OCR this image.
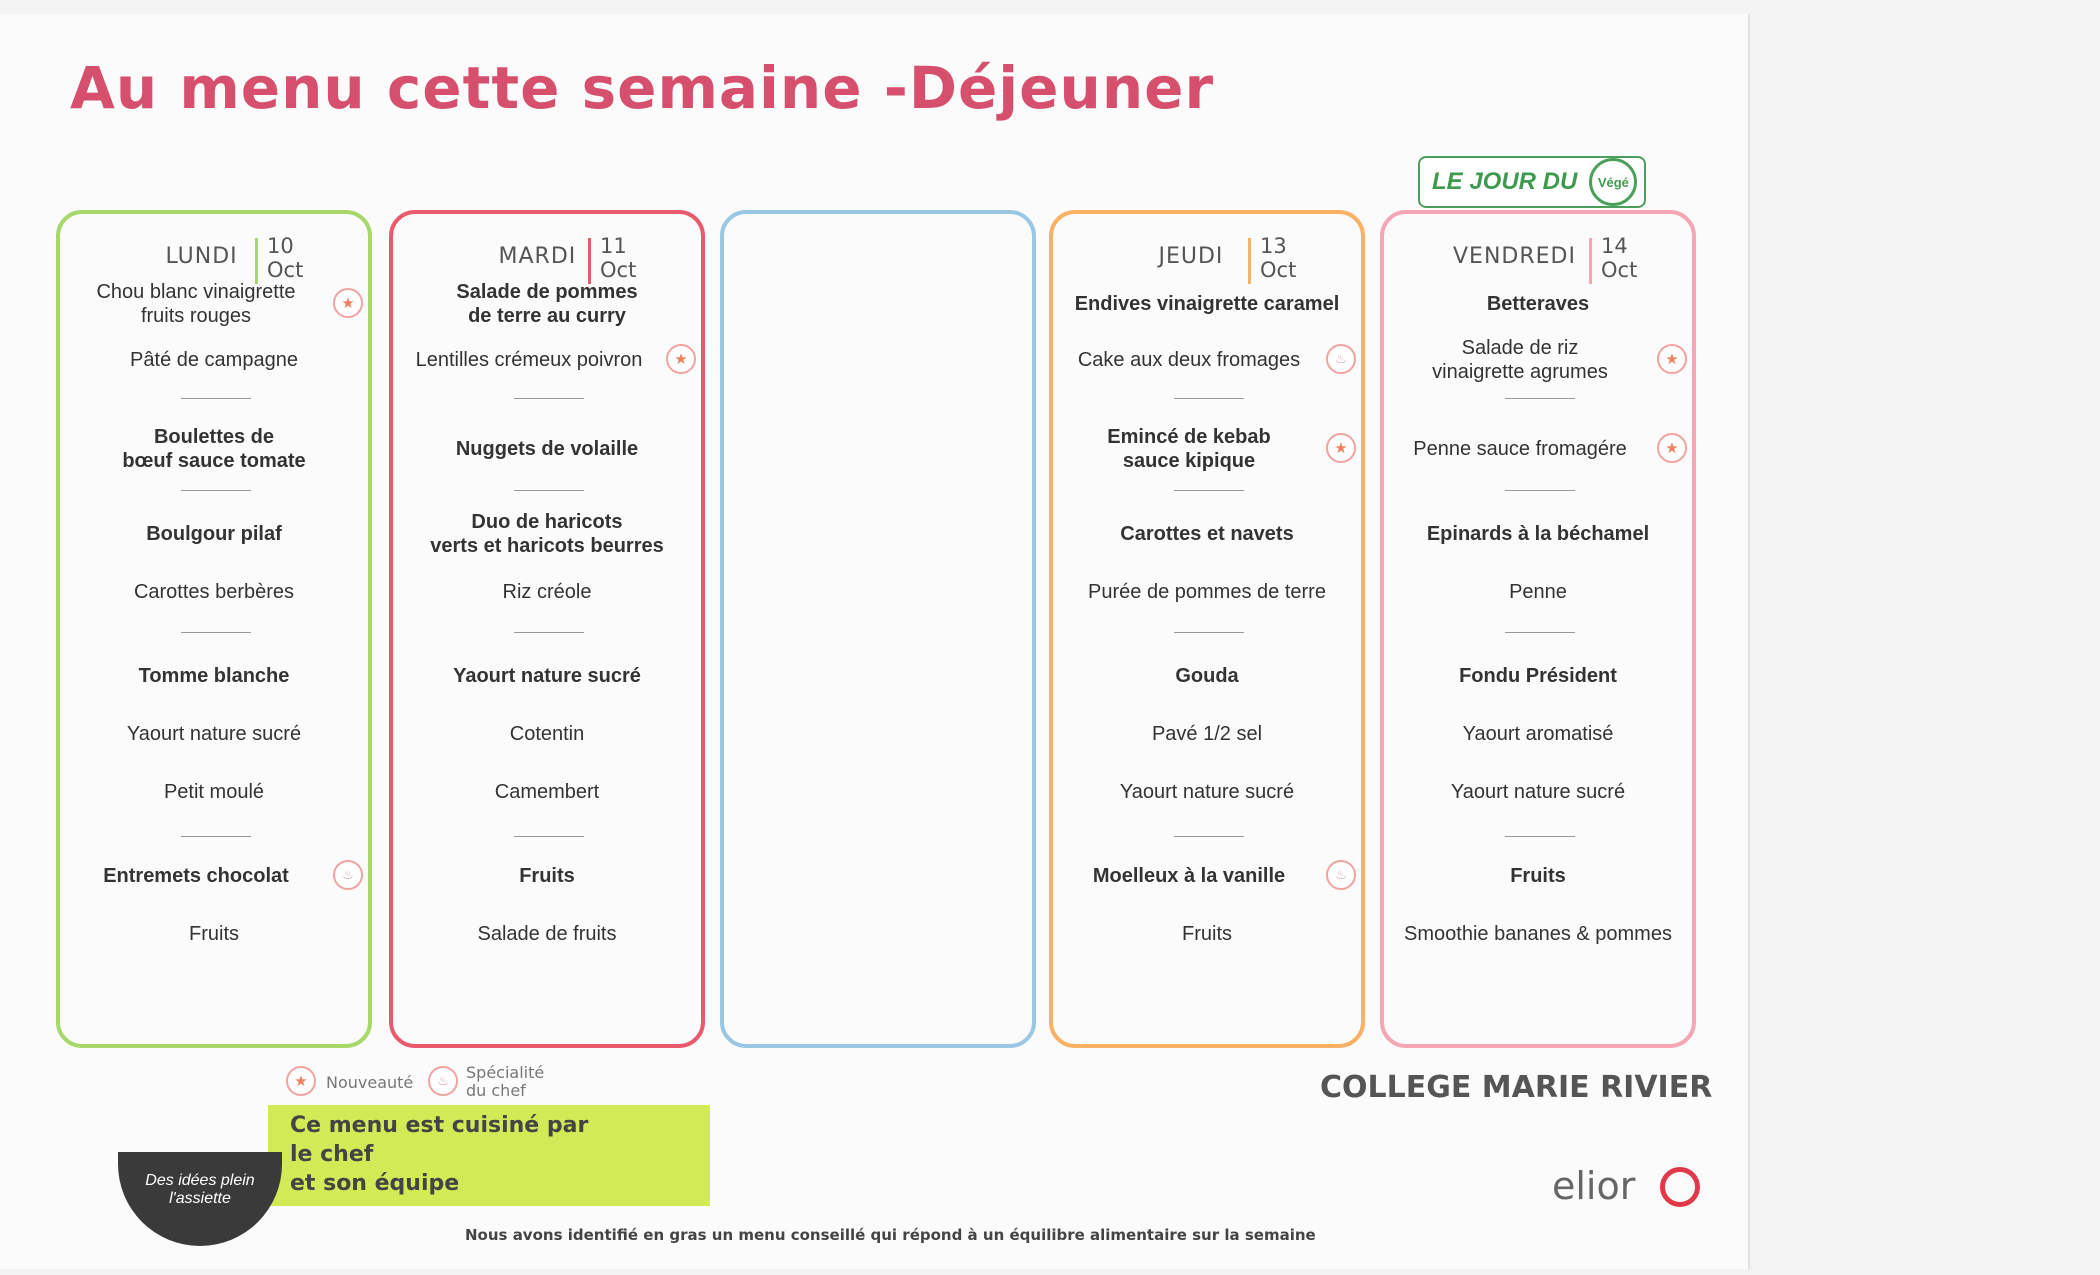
Au menu cette semaine -Déjeuner
LE JOUR DU	Végé
LUNDI 10
Oct
Chou blanc vinaigrette
fruits rouges
★
Pâté de campagne
Boulettes de
bœuf sauce tomate
Boulgour pilaf
Carottes berbères
Tomme blanche
Yaourt nature sucré
Petit moulé
Entremets chocolat	♨
Fruits
MARDI 11
Oct
Salade de pommes
de terre au curry
Lentilles crémeux poivron	★
Nuggets de volaille
Duo de haricots
verts et haricots beurres
Riz créole
Yaourt nature sucré
Cotentin
Camembert
Fruits
Salade de fruits
JEUDI 13
Oct
Endives vinaigrette caramel
Cake aux deux fromages	♨
Emincé de kebab
sauce kipique
★
Carottes et navets
Purée de pommes de terre
Gouda
Pavé 1/2 sel
Yaourt nature sucré
Moelleux à la vanille	♨
Fruits
VENDREDI 14
Oct
Betteraves
Salade de riz
vinaigrette agrumes
★
Penne sauce fromagére	★
Epinards à la béchamel
Penne
Fondu Président
Yaourt aromatisé
Yaourt nature sucré
Fruits
Smoothie bananes & pommes
★	Nouveauté	♨	Spécialité
du chef
Ce menu est cuisiné par
le chef
et son équipe
Des idées plein
l'assiette
COLLEGE MARIE RIVIER
elior
Nous avons identifié en gras un menu conseillé qui répond à un équilibre alimentaire sur la semaine
